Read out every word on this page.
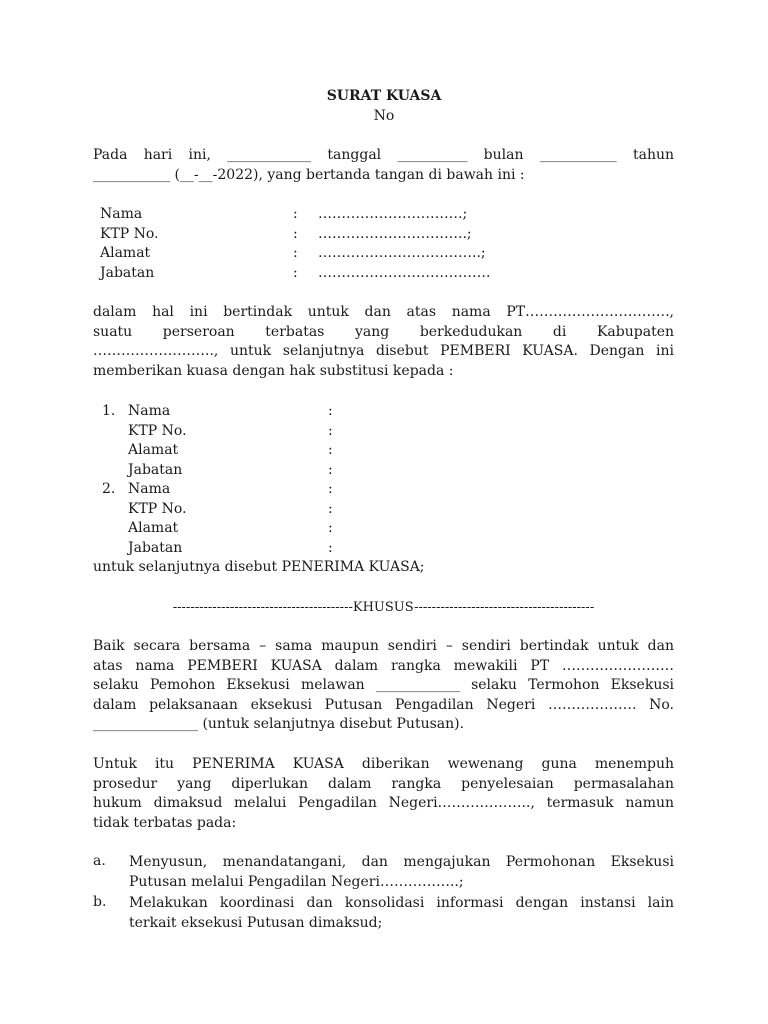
SURAT KUASA
No
Pada hari ini, ____________ tanggal __________ bulan ___________ tahun
___________ (__-__-2022), yang bertanda tangan di bawah ini :
Nama	: ………………………….;
KTP No.	: …………………………..;
Alamat	: ……………………………..;
Jabatan	: ……………………………….
dalam hal ini bertindak untuk dan atas nama PT………………………….,
suatu perseroan terbatas yang berkedudukan di Kabupaten
…………………….., untuk selanjutnya disebut PEMBERI KUASA. Dengan ini
memberikan kuasa dengan hak substitusi kepada :
1. Nama	:
KTP No.	:
Alamat	:
Jabatan	:
2. Nama	:
KTP No.	:
Alamat	:
Jabatan	:
untuk selanjutnya disebut PENERIMA KUASA;
-----------------------------------------KHUSUS-----------------------------------------
Baik secara bersama – sama maupun sendiri – sendiri bertindak untuk dan
atas nama PEMBERI KUASA dalam rangka mewakili PT ……………………
selaku Pemohon Eksekusi melawan ____________ selaku Termohon Eksekusi
dalam pelaksanaan eksekusi Putusan Pengadilan Negeri ………………. No.
_______________ (untuk selanjutnya disebut Putusan).
Untuk itu PENERIMA KUASA diberikan wewenang guna menempuh
prosedur yang diperlukan dalam rangka penyelesaian permasalahan
hukum dimaksud melalui Pengadilan Negeri……………….., termasuk namun
tidak terbatas pada:
a. Menyusun, menandatangani, dan mengajukan Permohonan Eksekusi
Putusan melalui Pengadilan Negeri……………..;
b. Melakukan koordinasi dan konsolidasi informasi dengan instansi lain
terkait eksekusi Putusan dimaksud;
